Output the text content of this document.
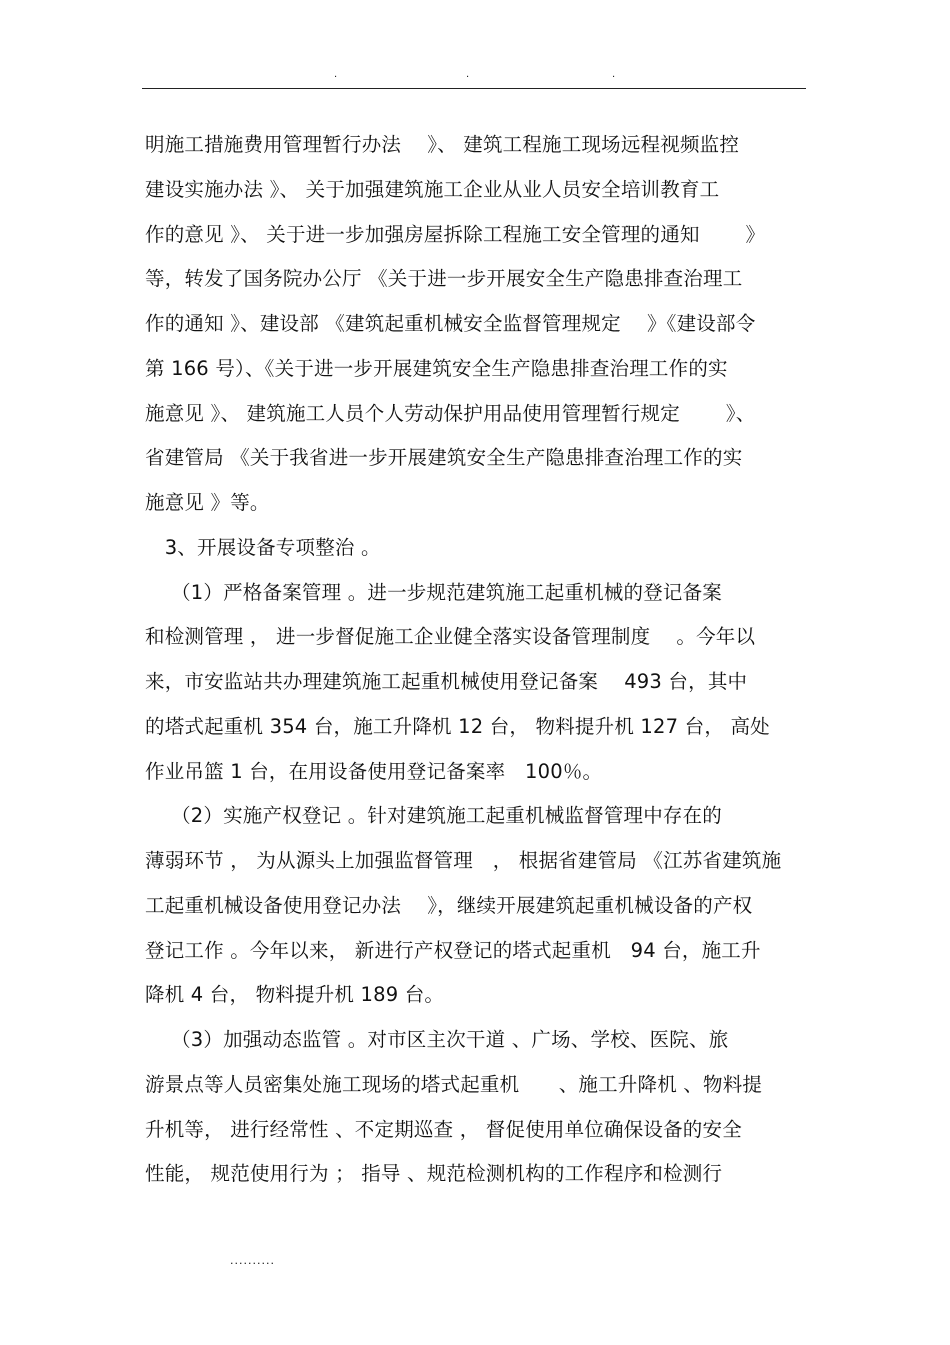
.	.	.
明施工措施费用管理暂行办法　 》、 建筑工程施工现场远程视频监控
建设实施办法 》、 关于加强建筑施工企业从业人员安全培训教育工
作的意见 》、 关于进一步加强房屋拆除工程施工安全管理的通知　　 》
等，转发了国务院办公厅 《关于进一步开展安全生产隐患排查治理工
作的通知 》、建设部 《建筑起重机械安全监督管理规定　 》《建设部令
第 166 号）、《关于进一步开展建筑安全生产隐患排查治理工作的实
施意见 》、 建筑施工人员个人劳动保护用品使用管理暂行规定　　 》、
省建管局 《关于我省进一步开展建筑安全生产隐患排查治理工作的实
施意见 》等。
　3、开展设备专项整治 。
　 （1）严格备案管理 。进一步规范建筑施工起重机械的登记备案
和检测管理 ， 进一步督促施工企业健全落实设备管理制度　 。今年以
来，市安监站共办理建筑施工起重机械使用登记备案　 493 台，其中
的塔式起重机 354 台，施工升降机 12 台， 物料提升机 127 台， 高处
作业吊篮 1 台，在用设备使用登记备案率　100％。
　 （2）实施产权登记 。针对建筑施工起重机械监督管理中存在的
薄弱环节 ， 为从源头上加强监督管理　， 根据省建管局 《江苏省建筑施
工起重机械设备使用登记办法　 》，继续开展建筑起重机械设备的产权
登记工作 。今年以来， 新进行产权登记的塔式起重机　94 台，施工升
降机 4 台， 物料提升机 189 台。
　 （3）加强动态监管 。对市区主次干道 、广场、学校、医院、旅
游景点等人员密集处施工现场的塔式起重机　　、施工升降机 、物料提
升机等， 进行经常性 、不定期巡查 ， 督促使用单位确保设备的安全
性能， 规范使用行为 ； 指导 、规范检测机构的工作程序和检测行
..........
